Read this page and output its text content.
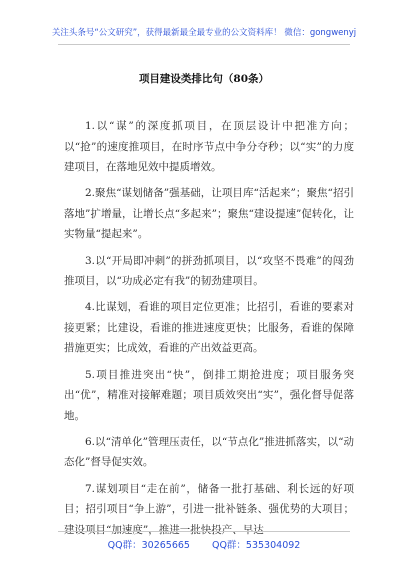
关注头条号“公文研究”，获得最新最全最专业的公文资料库！ 微信：gongwenyj
项目建设类排比句（80条）

1.以“谋”的深度抓项目，在顶层设计中把准方向；以“抢”的速度推项目，在时序节点中争分夺秒；以“实”的力度建项目，在落地见效中提质增效。

2.聚焦“谋划储备”强基础，让项目库“活起来”；聚焦“招引落地”扩增量，让增长点“多起来”；聚焦“建设提速”促转化，让实物量“提起来”。

3.以“开局即冲刺”的拼劲抓项目，以“攻坚不畏难”的闯劲推项目，以“功成必定有我”的韧劲建项目。

4.比谋划，看谁的项目定位更准；比招引，看谁的要素对接更紧；比建设，看谁的推进速度更快；比服务，看谁的保障措施更实；比成效，看谁的产出效益更高。

5.项目推进突出“快”，倒排工期抢进度；项目服务突出“优”，精准对接解难题；项目质效突出“实”，强化督导促落地。

6.以“清单化”管理压责任，以“节点化”推进抓落实，以“动态化”督导促实效。

7.谋划项目“走在前”，储备一批打基础、利长远的好项目；招引项目“争上游”，引进一批补链条、强优势的大项目；建设项目“加速度”，推进一批快投产、早达

QQ群：30265665 QQ群：535304092
